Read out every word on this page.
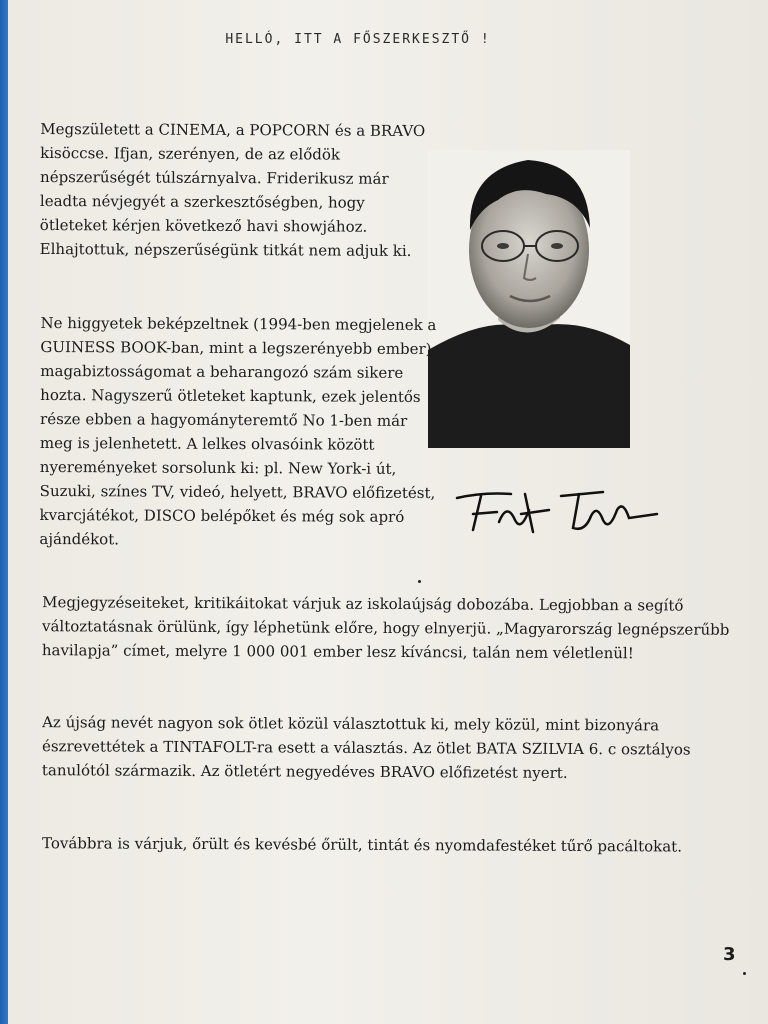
HELLÓ, ITT A FŐSZERKESZTŐ !

Megszületett a CINEMA, a POPCORN és a BRAVO kisöccse. Ifjan, szerényen, de az elődök népszerűségét túlszárnyalva. Friderikusz már leadta névjegyét a szerkesztőségben, hogy ötleteket kérjen következő havi showjához. Elhajtottuk, népszerűségünk titkát nem adjuk ki.

Ne higgyetek beképzeltnek (1994-ben megjelenek a GUINESS BOOK-ban, mint a legszerényebb ember), magabiztosságomat a beharangozó szám sikere hozta. Nagyszerű ötleteket kaptunk, ezek jelentős része ebben a hagyományteremtő No 1-ben már meg is jelenhetett. A lelkes olvasóink között nyereményeket sorsolunk ki: pl. New York-i út, Suzuki, színes TV, videó, helyett, BRAVO előfizetést, kvarcjátékot, DISCO belépőket és még sok apró ajándékot.

Megjegyzéseiteket, kritikáitokat várjuk az iskolaújság dobozába. Legjobban a segítő változtatásnak örülünk, így léphetünk előre, hogy elnyerjü. „Magyarország legnépszerűbb havilapja” címet, melyre 1 000 001 ember lesz kíváncsi, talán nem véletlenül!

Az újság nevét nagyon sok ötlet közül választottuk ki, mely közül, mint bizonyára észrevettétek a TINTAFOLT-ra esett a választás. Az ötlet BATA SZILVIA 6. c osztályos tanulótól származik. Az ötletért negyedéves BRAVO előfizetést nyert.

Továbbra is várjuk, őrült és kevésbé őrült, tintát és nyomdafestéket tűrő pacáltokat.

3
